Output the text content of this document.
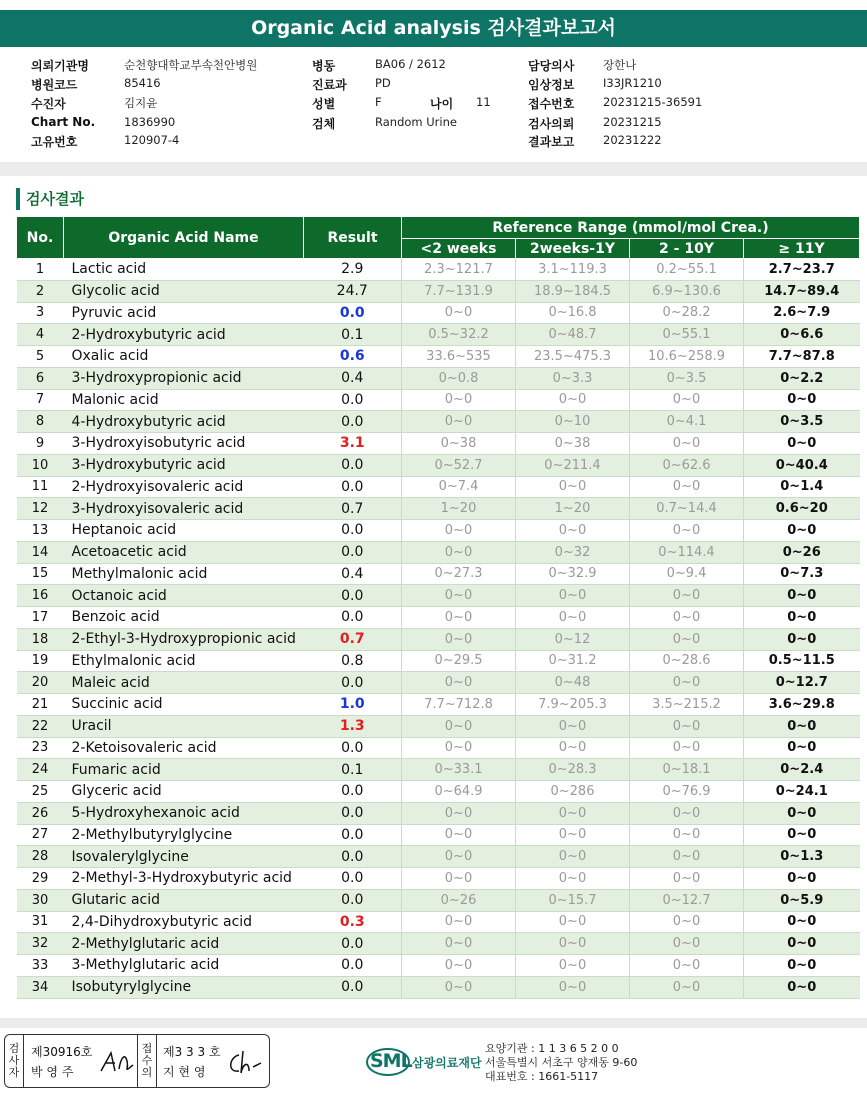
Organic Acid analysis 검사결과보고서
의뢰기관명	순천향대학교부속천안병원
병원코드	85416
수진자	김지윤
Chart No.	1836990
고유번호	120907-4
병동	BA06 / 2612
진료과 PD
성별	F
검체	Random Urine
나이 11
담당의사 장한나
임상정보 I33JR1210
접수번호 20231215-36591
검사의뢰 20231215
결과보고 20231222
검사결과
No.	Organic Acid Name	Result	Reference Range (mmol/mol Crea.)			
			<2 weeks	2weeks-1Y	2 - 10Y	≥ 11Y
1	Lactic acid	2.9	2.3~121.7	3.1~119.3	0.2~55.1	2.7~23.7
2	Glycolic acid	24.7	7.7~131.9	18.9~184.5	6.9~130.6	14.7~89.4
3	Pyruvic acid	0.0	0~0	0~16.8	0~28.2	2.6~7.9
4	2-Hydroxybutyric acid	0.1	0.5~32.2	0~48.7	0~55.1	0~6.6
5	Oxalic acid	0.6	33.6~535	23.5~475.3	10.6~258.9	7.7~87.8
6	3-Hydroxypropionic acid	0.4	0~0.8	0~3.3	0~3.5	0~2.2
7	Malonic acid	0.0	0~0	0~0	0~0	0~0
8	4-Hydroxybutyric acid	0.0	0~0	0~10	0~4.1	0~3.5
9	3-Hydroxyisobutyric acid	3.1	0~38	0~38	0~0	0~0
10	3-Hydroxybutyric acid	0.0	0~52.7	0~211.4	0~62.6	0~40.4
11	2-Hydroxyisovaleric acid	0.0	0~7.4	0~0	0~0	0~1.4
12	3-Hydroxyisovaleric acid	0.7	1~20	1~20	0.7~14.4	0.6~20
13	Heptanoic acid	0.0	0~0	0~0	0~0	0~0
14	Acetoacetic acid	0.0	0~0	0~32	0~114.4	0~26
15	Methylmalonic acid	0.4	0~27.3	0~32.9	0~9.4	0~7.3
16	Octanoic acid	0.0	0~0	0~0	0~0	0~0
17	Benzoic acid	0.0	0~0	0~0	0~0	0~0
18	2-Ethyl-3-Hydroxypropionic acid	0.7	0~0	0~12	0~0	0~0
19	Ethylmalonic acid	0.8	0~29.5	0~31.2	0~28.6	0.5~11.5
20	Maleic acid	0.0	0~0	0~48	0~0	0~12.7
21	Succinic acid	1.0	7.7~712.8	7.9~205.3	3.5~215.2	3.6~29.8
22	Uracil	1.3	0~0	0~0	0~0	0~0
23	2-Ketoisovaleric acid	0.0	0~0	0~0	0~0	0~0
24	Fumaric acid	0.1	0~33.1	0~28.3	0~18.1	0~2.4
25	Glyceric acid	0.0	0~64.9	0~286	0~76.9	0~24.1
26	5-Hydroxyhexanoic acid	0.0	0~0	0~0	0~0	0~0
27	2-Methylbutyrylglycine	0.0	0~0	0~0	0~0	0~0
28	Isovalerylglycine	0.0	0~0	0~0	0~0	0~1.3
29	2-Methyl-3-Hydroxybutyric acid	0.0	0~0	0~0	0~0	0~0
30	Glutaric acid	0.0	0~26	0~15.7	0~12.7	0~5.9
31	2,4-Dihydroxybutyric acid	0.3	0~0	0~0	0~0	0~0
32	2-Methylglutaric acid	0.0	0~0	0~0	0~0	0~0
33	3-Methylglutaric acid	0.0	0~0	0~0	0~0	0~0
34	Isobutyrylglycine	0.0	0~0	0~0	0~0	0~0
검사자
제30916호
박 영 주
접수의
제3 3 3 호
지 현 영	SML 삼광의료재단
요양기관 : 1 1 3 6 5 2 0 0
서울특별시 서초구 양재동 9-60
대표번호 : 1661-5117
